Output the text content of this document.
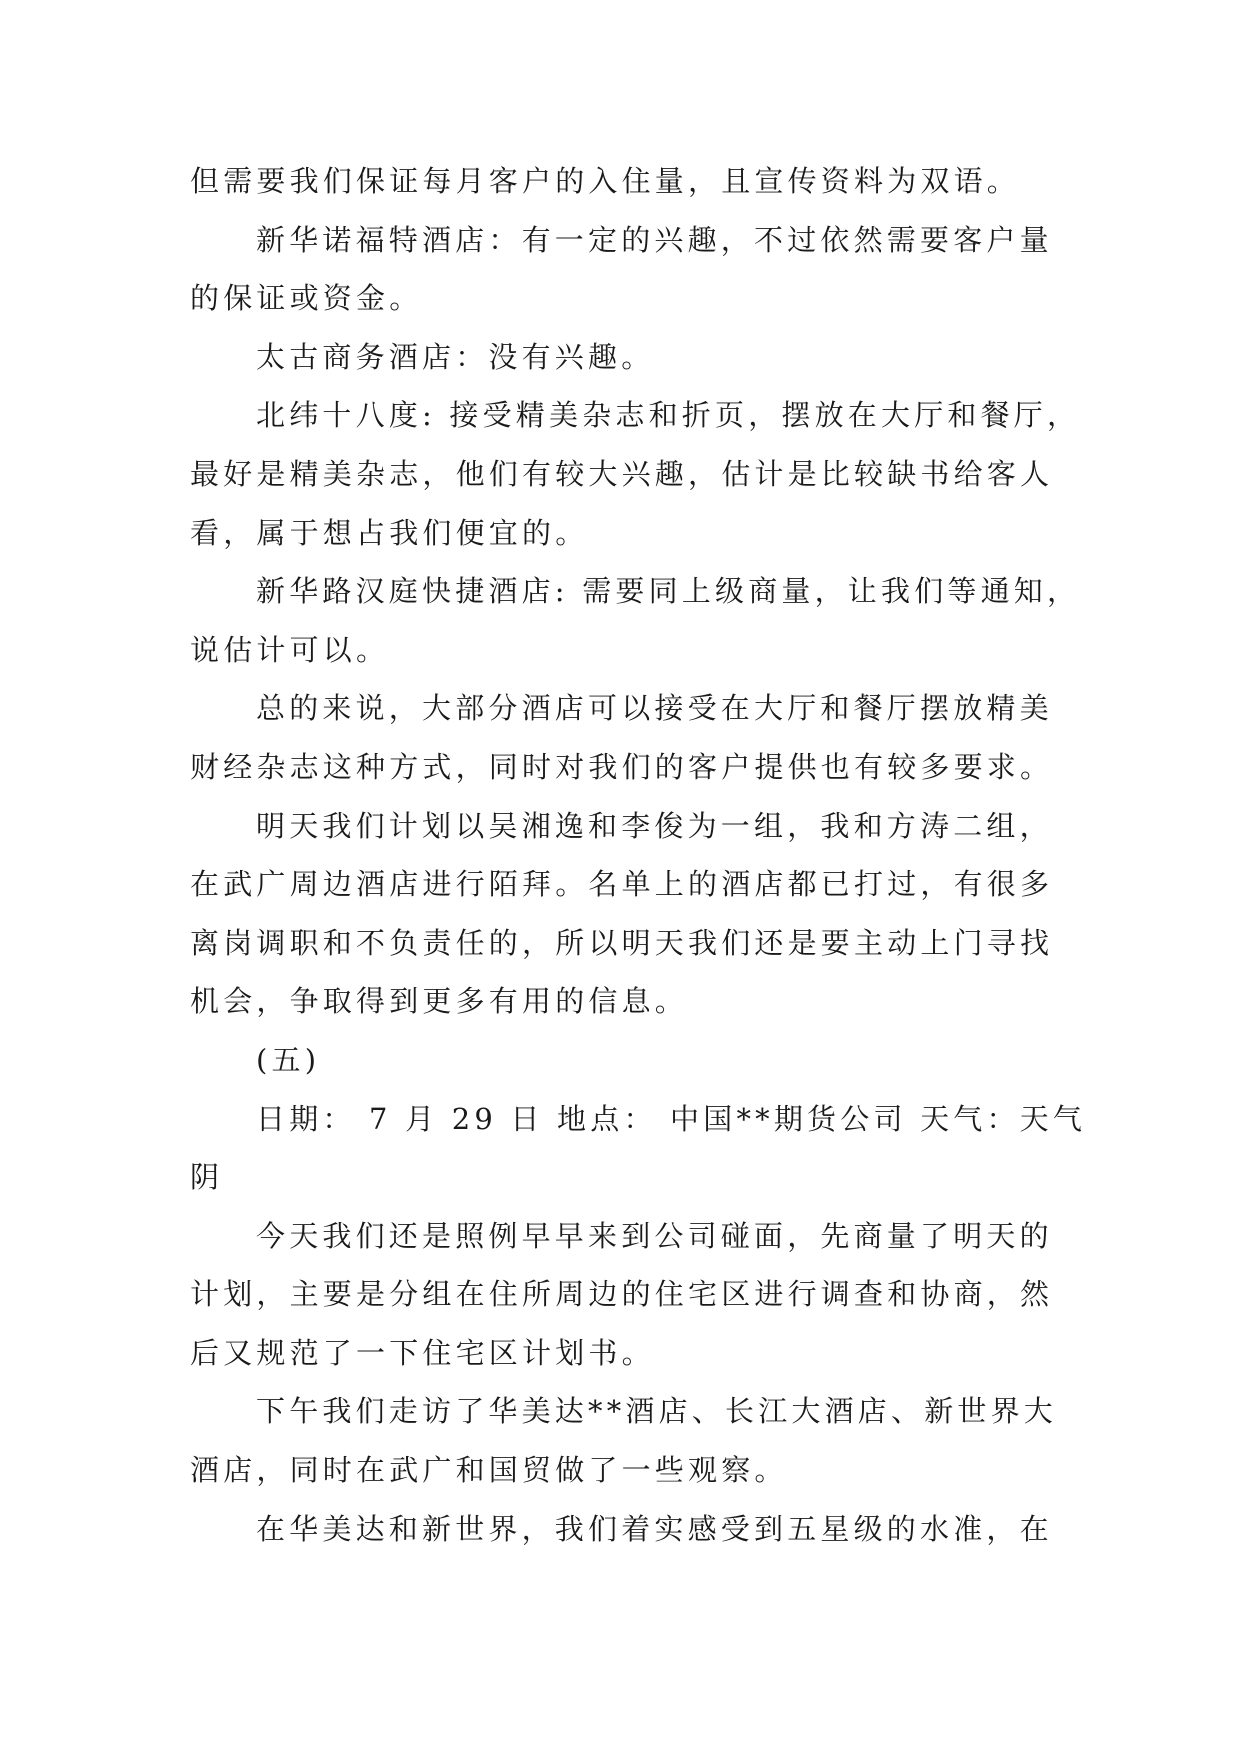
但需要我们保证每月客户的入住量，且宣传资料为双语。
新华诺福特酒店：有一定的兴趣，不过依然需要客户量
的保证或资金。
太古商务酒店：没有兴趣。
北纬十八度: 接受精美杂志和折页，摆放在大厅和餐厅，
最好是精美杂志，他们有较大兴趣，估计是比较缺书给客人
看，属于想占我们便宜的。
新华路汉庭快捷酒店: 需要同上级商量，让我们等通知，
说估计可以。
总的来说，大部分酒店可以接受在大厅和餐厅摆放精美
财经杂志这种方式，同时对我们的客户提供也有较多要求。
明天我们计划以吴湘逸和李俊为一组，我和方涛二组，
在武广周边酒店进行陌拜。名单上的酒店都已打过，有很多
离岗调职和不负责任的，所以明天我们还是要主动上门寻找
机会，争取得到更多有用的信息。
(五)
日期： 7 月 29 日 地点： 中国**期货公司 天气：天气
阴
今天我们还是照例早早来到公司碰面，先商量了明天的
计划，主要是分组在住所周边的住宅区进行调查和协商，然
后又规范了一下住宅区计划书。
下午我们走访了华美达**酒店、长江大酒店、新世界大
酒店，同时在武广和国贸做了一些观察。
在华美达和新世界，我们着实感受到五星级的水准，在
